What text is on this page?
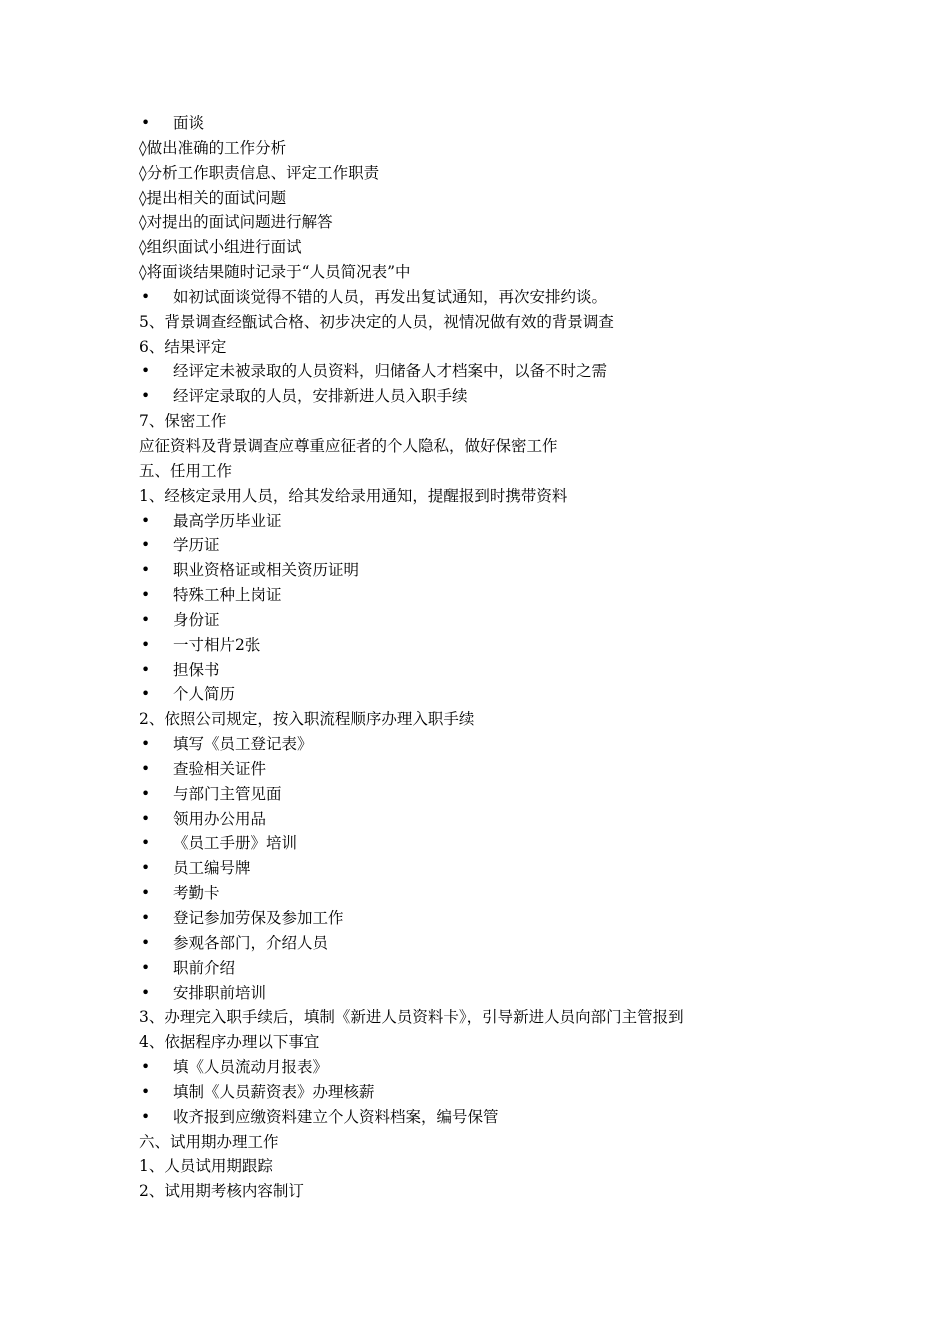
• 面谈
◊做出准确的工作分析
◊分析工作职责信息、评定工作职责
◊提出相关的面试问题
◊对提出的面试问题进行解答
◊组织面试小组进行面试
◊将面谈结果随时记录于“人员简况表”中
• 如初试面谈觉得不错的人员，再发出复试通知，再次安排约谈。
5、背景调查经甑试合格、初步决定的人员，视情况做有效的背景调查
6、结果评定
• 经评定未被录取的人员资料，归储备人才档案中，以备不时之需
• 经评定录取的人员，安排新进人员入职手续
7、保密工作
应征资料及背景调查应尊重应征者的个人隐私，做好保密工作
五、任用工作
1、经核定录用人员，给其发给录用通知，提醒报到时携带资料
• 最高学历毕业证
• 学历证
• 职业资格证或相关资历证明
• 特殊工种上岗证
• 身份证
• 一寸相片2张
• 担保书
• 个人简历
2、依照公司规定，按入职流程顺序办理入职手续
• 填写《员工登记表》
• 查验相关证件
• 与部门主管见面
• 领用办公用品
• 《员工手册》培训
• 员工编号牌
• 考勤卡
• 登记参加劳保及参加工作
• 参观各部门，介绍人员
• 职前介绍
• 安排职前培训
3、办理完入职手续后，填制《新进人员资料卡》，引导新进人员向部门主管报到
4、依据程序办理以下事宜
• 填《人员流动月报表》
• 填制《人员薪资表》办理核薪
• 收齐报到应缴资料建立个人资料档案，编号保管
六、试用期办理工作
1、人员试用期跟踪
2、试用期考核内容制订
